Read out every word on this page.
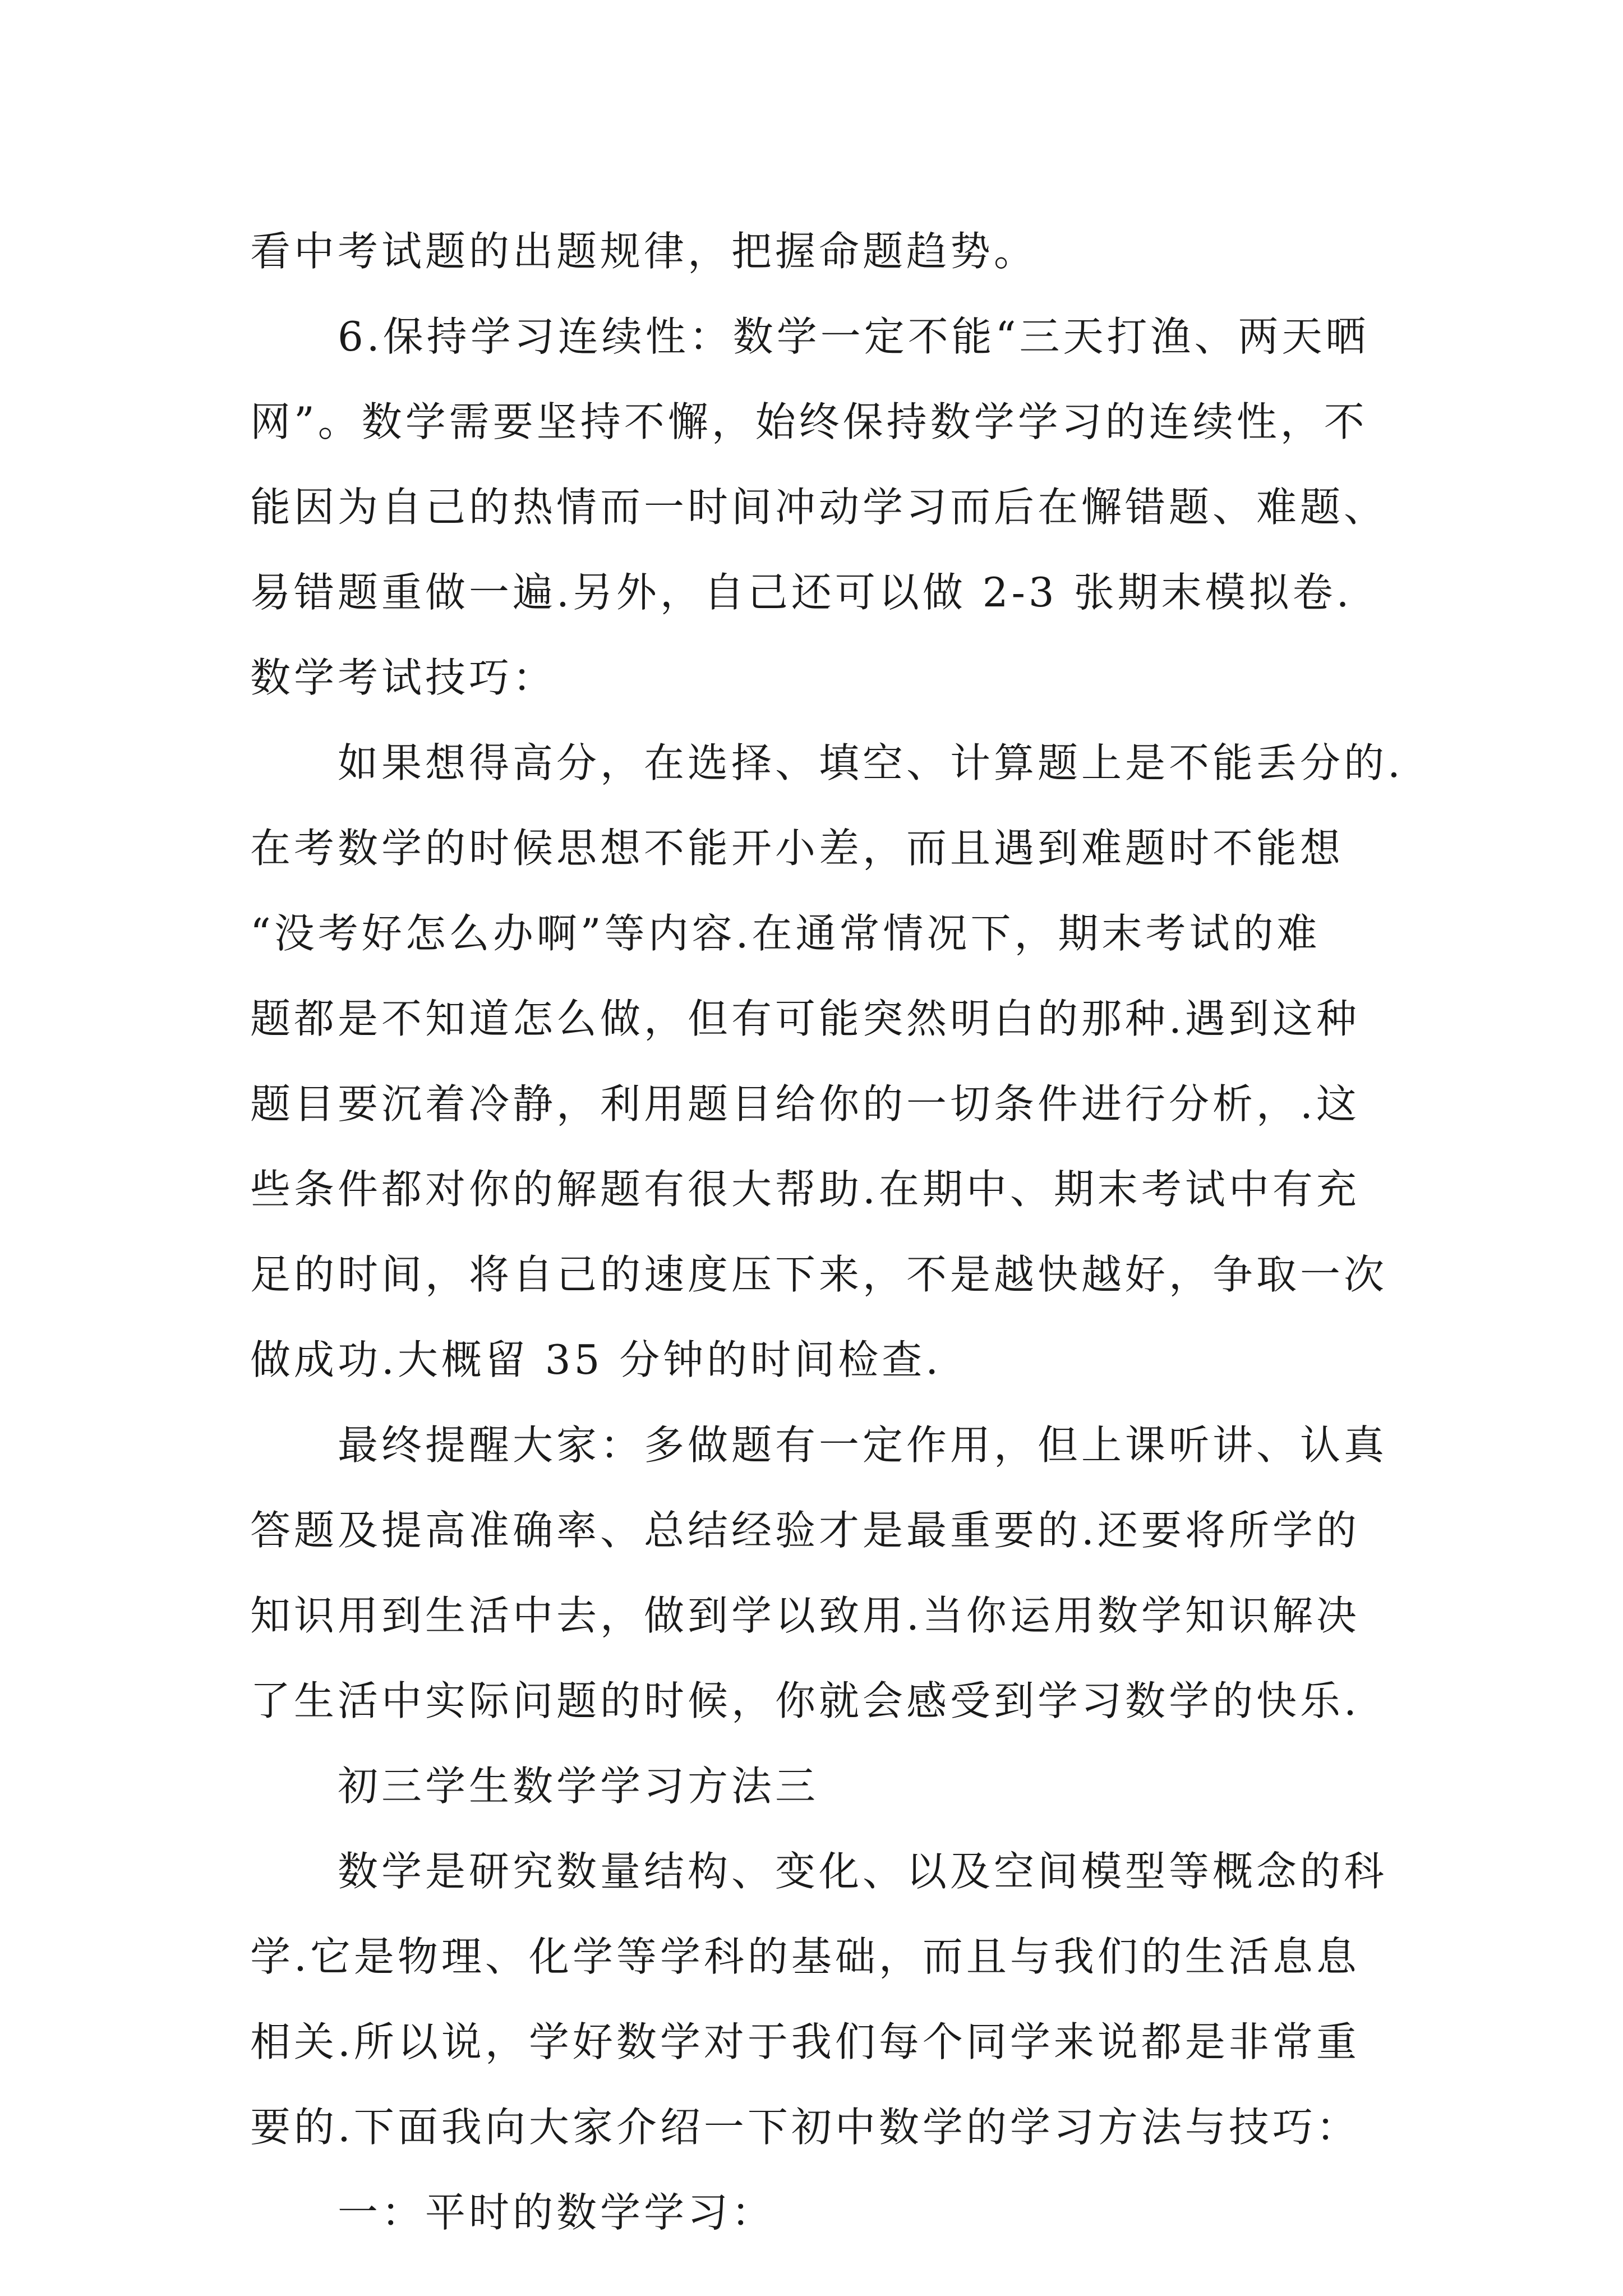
看中考试题的出题规律，把握命题趋势。
6.保持学习连续性：数学一定不能“三天打渔、两天晒
网”。数学需要坚持不懈，始终保持数学学习的连续性，不
能因为自己的热情而一时间冲动学习而后在懈错题、难题、
易错题重做一遍.另外，自己还可以做 2-3 张期末模拟卷.
数学考试技巧：
如果想得高分，在选择、填空、计算题上是不能丢分的.
在考数学的时候思想不能开小差，而且遇到难题时不能想
“没考好怎么办啊”等内容.在通常情况下，期末考试的难
题都是不知道怎么做，但有可能突然明白的那种.遇到这种
题目要沉着冷静，利用题目给你的一切条件进行分析，.这
些条件都对你的解题有很大帮助.在期中、期末考试中有充
足的时间，将自己的速度压下来，不是越快越好，争取一次
做成功.大概留 35 分钟的时间检查.
最终提醒大家：多做题有一定作用，但上课听讲、认真
答题及提高准确率、总结经验才是最重要的.还要将所学的
知识用到生活中去，做到学以致用.当你运用数学知识解决
了生活中实际问题的时候，你就会感受到学习数学的快乐.
初三学生数学学习方法三
数学是研究数量结构、变化、以及空间模型等概念的科
学.它是物理、化学等学科的基础，而且与我们的生活息息
相关.所以说，学好数学对于我们每个同学来说都是非常重
要的.下面我向大家介绍一下初中数学的学习方法与技巧：
一：平时的数学学习：
